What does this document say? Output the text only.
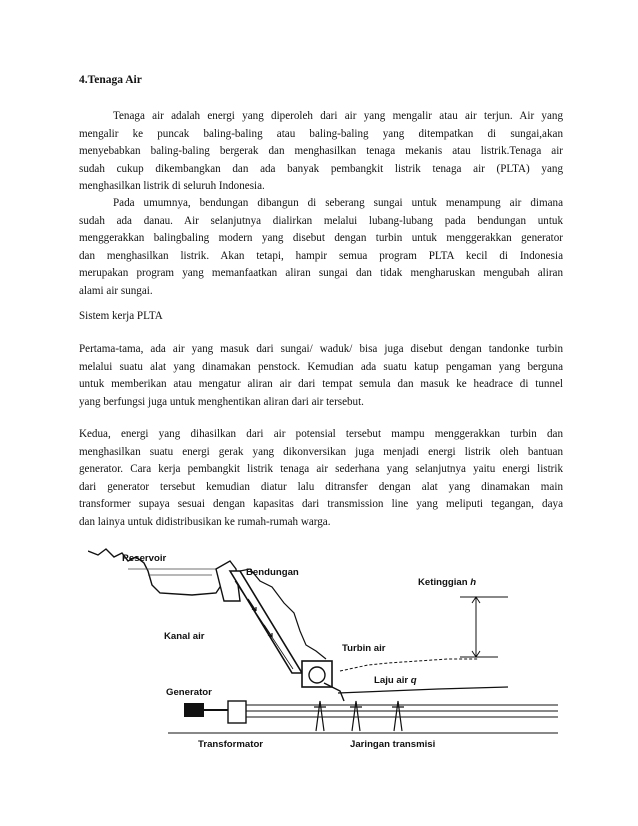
4.Tenaga Air
Tenaga air adalah energi yang diperoleh dari air yang mengalir atau air terjun. Air yang
mengalir ke puncak baling-baling atau baling-baling yang ditempatkan di sungai,akan
menyebabkan baling-baling bergerak dan menghasilkan tenaga mekanis atau listrik.Tenaga air
sudah cukup dikembangkan dan ada banyak pembangkit listrik tenaga air (PLTA) yang
menghasilkan listrik di seluruh Indonesia.
Pada umumnya, bendungan dibangun di seberang sungai untuk menampung air dimana
sudah ada danau. Air selanjutnya dialirkan melalui lubang-lubang pada bendungan untuk
menggerakkan balingbaling modern yang disebut dengan turbin untuk menggerakkan generator
dan menghasilkan listrik. Akan tetapi, hampir semua program PLTA kecil di Indonesia
merupakan program yang memanfaatkan aliran sungai dan tidak mengharuskan mengubah aliran
alami air sungai.
Sistem kerja PLTA
Pertama-tama, ada air yang masuk dari sungai/ waduk/ bisa juga disebut dengan tandonke turbin
melalui suatu alat yang dinamakan penstock. Kemudian ada suatu katup pengaman yang berguna
untuk memberikan atau mengatur aliran air dari tempat semula dan masuk ke headrace di tunnel
yang berfungsi juga untuk menghentikan aliran dari air tersebut.
Kedua, energi yang dihasilkan dari air potensial tersebut mampu menggerakkan turbin dan
menghasilkan suatu energi gerak yang dikonversikan juga menjadi energi listrik oleh bantuan
generator. Cara kerja pembangkit listrik tenaga air sederhana yang selanjutnya yaitu energi listrik
dari generator tersebut kemudian diatur lalu ditransfer dengan alat yang dinamakan main
transformer supaya sesuai dengan kapasitas dari transmission line yang meliputi tegangan, daya
dan lainya untuk didistribusikan ke rumah-rumah warga.
Reservoir
Bendungan
Ketinggian h
Kanal air
Turbin air
Laju air q
Generator
Transformator	Jaringan transmisi
